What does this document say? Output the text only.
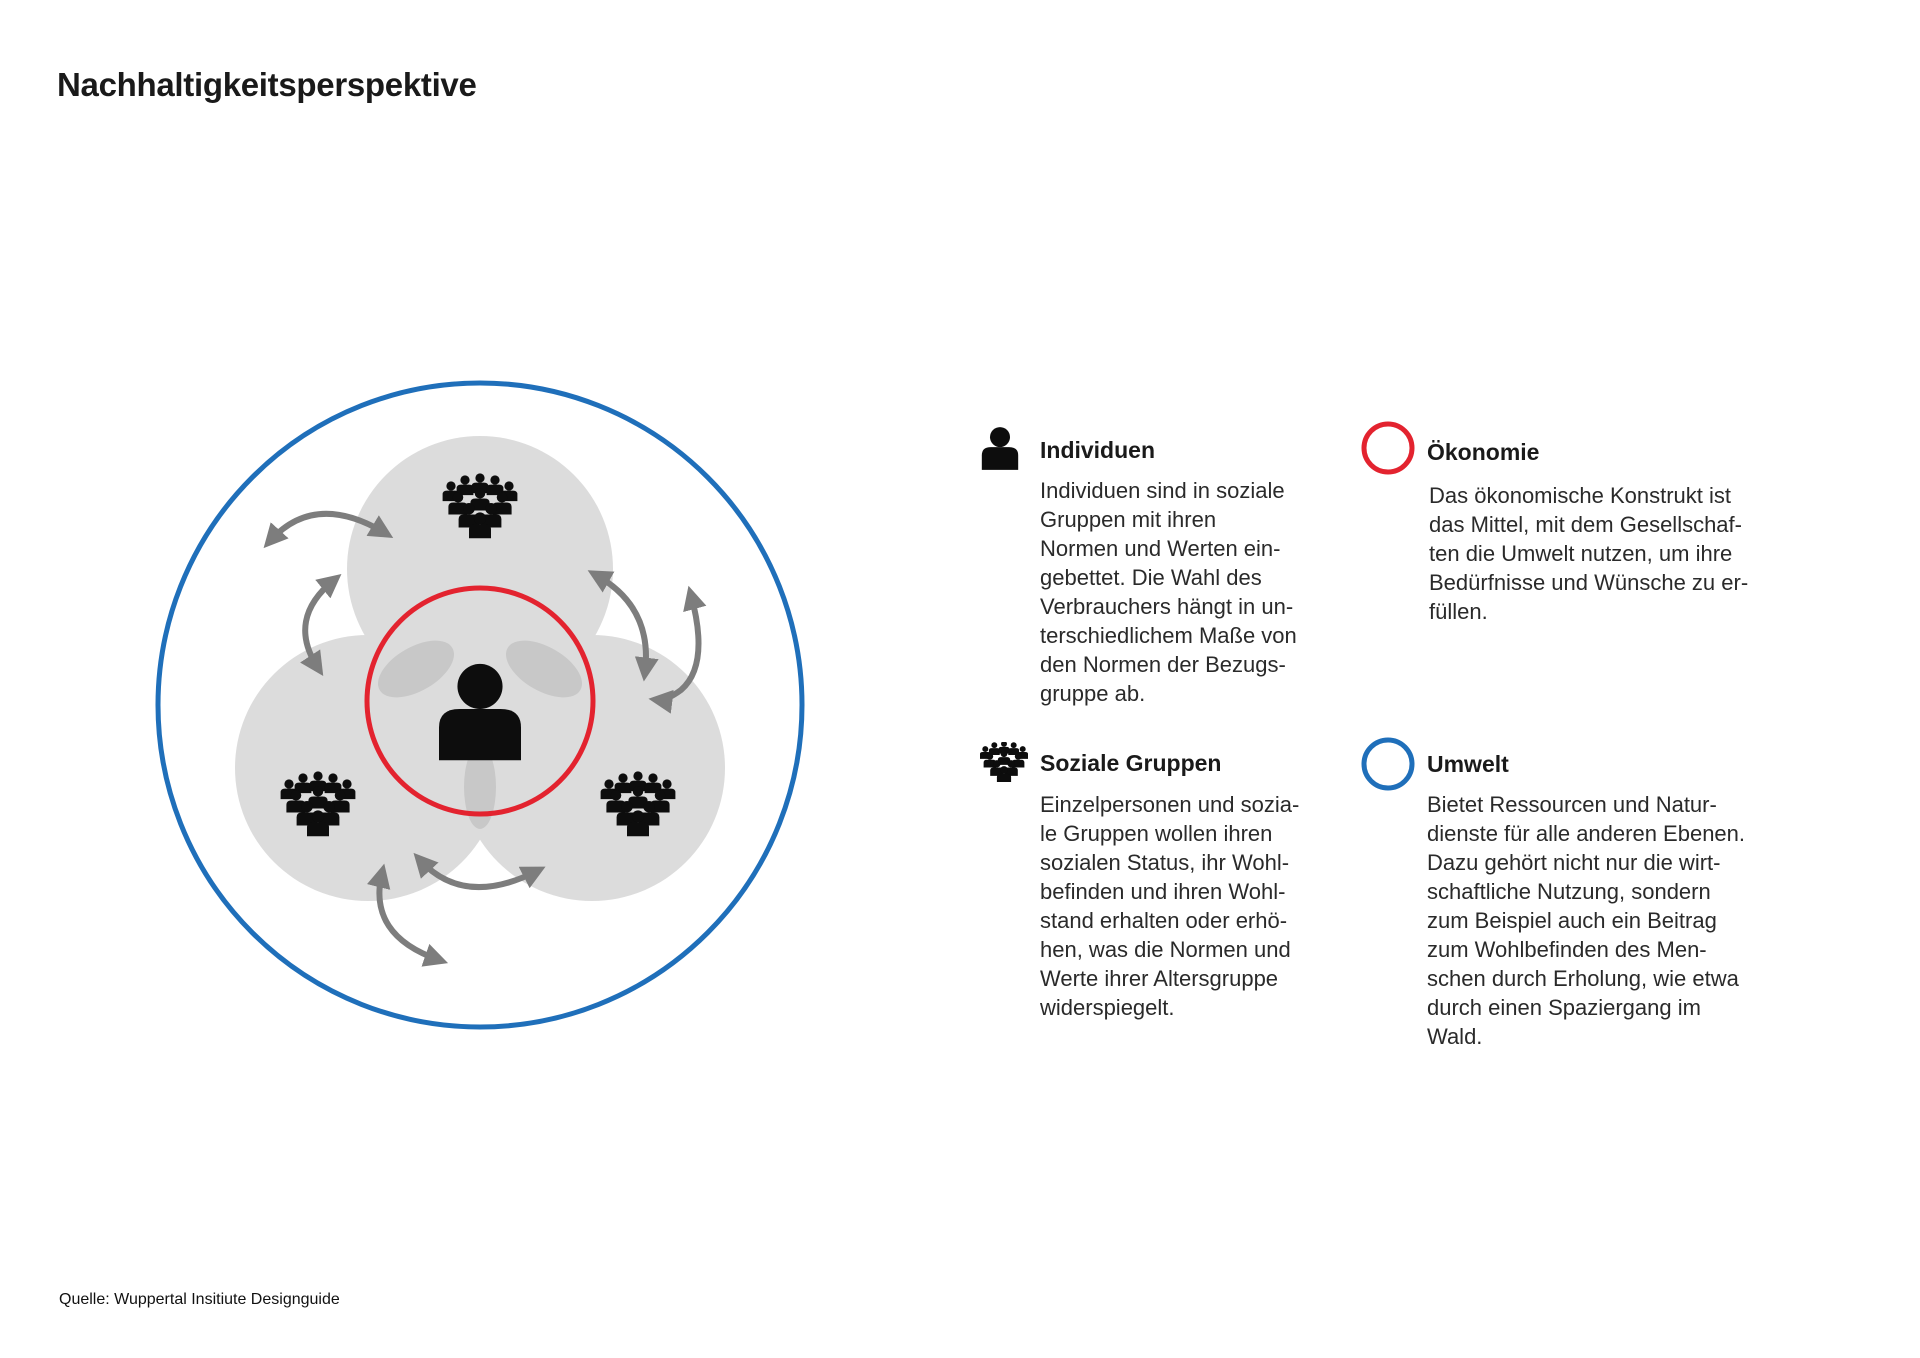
Nachhaltigkeitsperspektive
Individuen
Individuen sind in soziale
Gruppen mit ihren
Normen und Werten ein-
gebettet. Die Wahl des
Verbrauchers hängt in un-
terschiedlichem Maße von
den Normen der Bezugs-
gruppe ab.
Ökonomie
Das ökonomische Konstrukt ist
das Mittel, mit dem Gesellschaf-
ten die Umwelt nutzen, um ihre
Bedürfnisse und Wünsche zu er-
füllen.
Soziale Gruppen
Einzelpersonen und sozia-
le Gruppen wollen ihren
sozialen Status, ihr Wohl-
befinden und ihren Wohl-
stand erhalten oder erhö-
hen, was die Normen und
Werte ihrer Altersgruppe
widerspiegelt.
Umwelt
Bietet Ressourcen und Natur-
dienste für alle anderen Ebenen.
Dazu gehört nicht nur die wirt-
schaftliche Nutzung, sondern
zum Beispiel auch ein Beitrag
zum Wohlbefinden des Men-
schen durch Erholung, wie etwa
durch einen Spaziergang im
Wald.
Quelle: Wuppertal Insitiute Designguide
